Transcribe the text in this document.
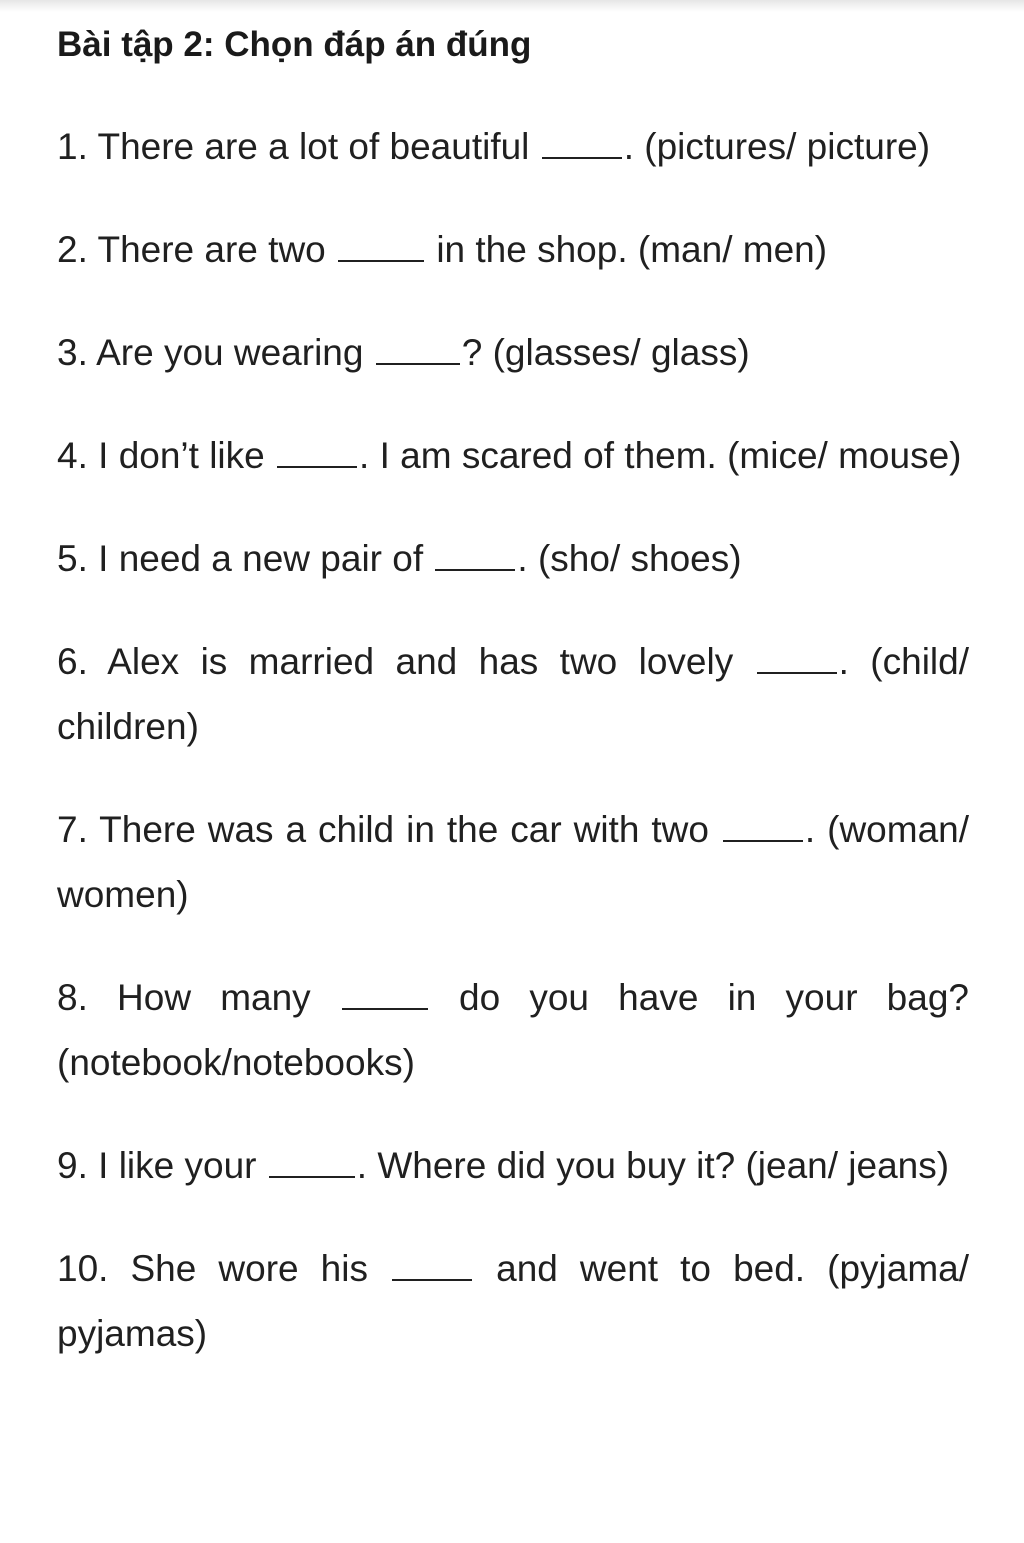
Bài tập 2: Chọn đáp án đúng
1. There are a lot of beautiful	. (pictures/ picture)
2. There are two	in the shop. (man/ men)
3. Are you wearing	? (glasses/ glass)
4. I don’t like	. I am scared of them. (mice/ mouse)
5. I need a new pair of	. (sho/ shoes)
6. Alex is married and has two lovely	. (child/ children)
7. There was a child in the car with two	. (woman/ women)
8. How many	do you have in your bag? (notebook/notebooks)
9. I like your	. Where did you buy it? (jean/ jeans)
10. She wore his	and went to bed. (pyjama/ pyjamas)
